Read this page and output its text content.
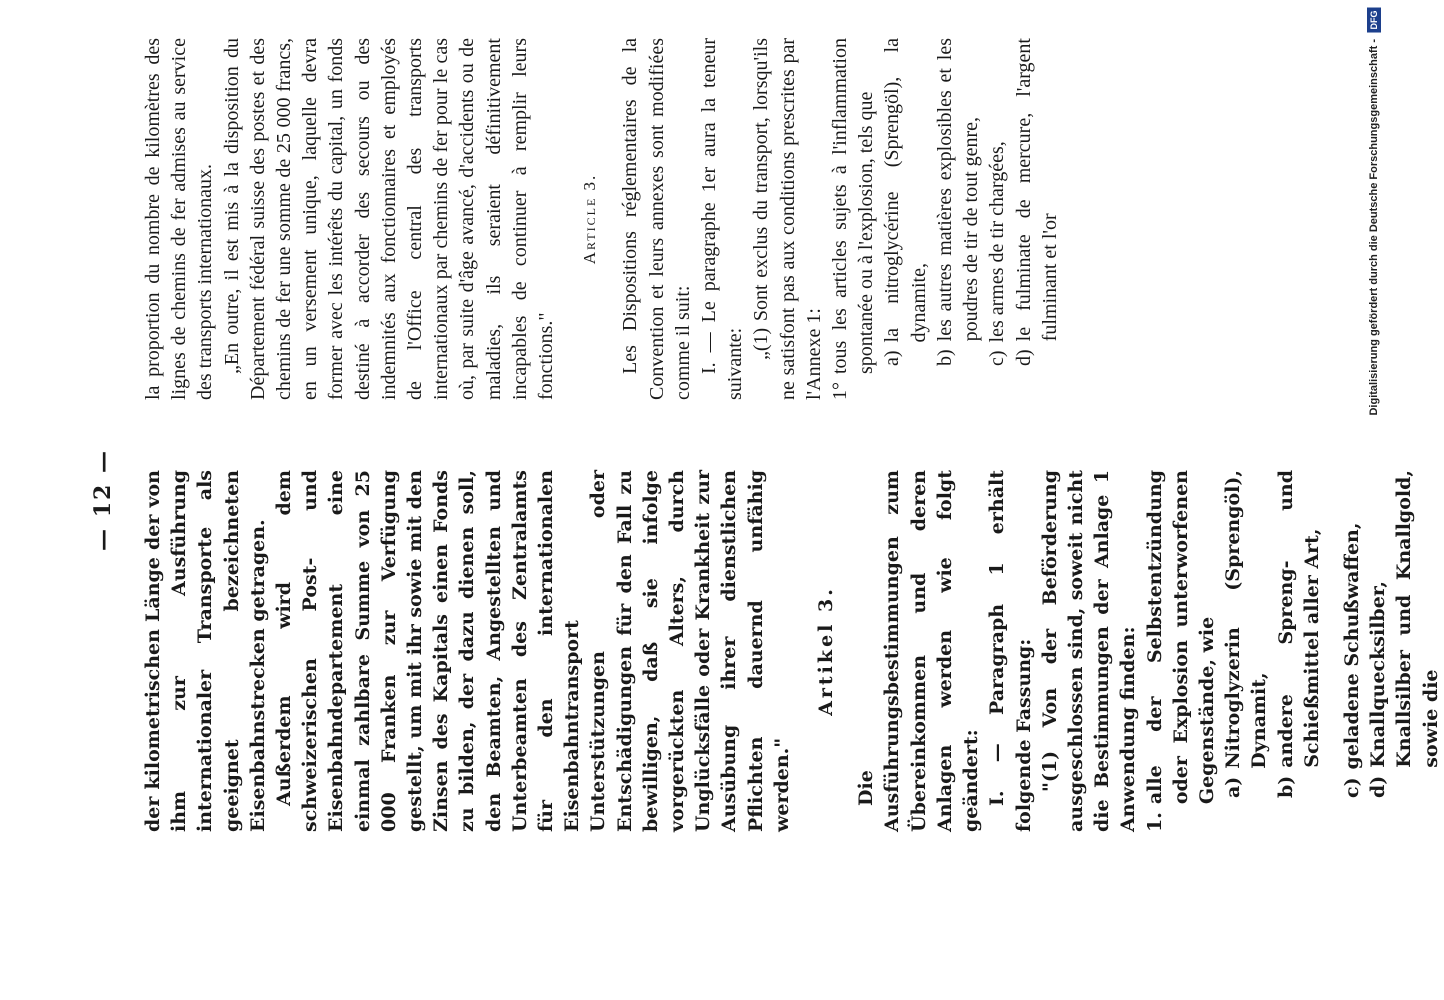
— 12 — der kilometrischen Länge der von ihm zur Ausführung internationaler Transporte als geeignet bezeichneten Eisenbahnstrecken getragen. Außerdem wird dem schweizerischen Post- und Eisenbahndepartement eine einmal zahlbare Summe von 25 000 Franken zur Verfügung gestellt, um mit ihr sowie mit den Zinsen des Kapitals einen Fonds zu bilden, der dazu dienen soll, den Beamten, Angestellten und Unterbeamten des Zentralamts für den internationalen Eisenbahntransport Unterstützungen oder Entschädigungen für den Fall zu bewilligen, daß sie infolge vorgerückten Alters, durch Unglücksfälle oder Krankheit zur Ausübung ihrer dienstlichen Pflichten dauernd unfähig werden."

Artikel 3.

Die Ausführungsbestimmungen zum Übereinkommen und deren Anlagen werden wie folgt geändert: I. — Paragraph 1 erhält folgende Fassung: "(1) Von der Beförderung ausgeschlossen sind, soweit nicht die Bestimmungen der Anlage 1 Anwendung finden: 1.
alle der Selbstentzündung oder Explosion unterworfenen Gegenstände, wie a)
Nitroglyzerin (Sprengöl), Dynamit,
b)
andere Spreng- und Schießmittel aller Art,
c)
geladene Schußwaffen,
d)
Knallquecksilber, Knallsilber und Knallgold, sowie die

la proportion du nombre de kilomètres des lignes de chemins de fer admises au service des transports internationaux. „En outre, il est mis à la disposition du Département fédéral suisse des postes et des chemins de fer une somme de 25 000 francs, en un versement unique, laquelle devra former avec les intérêts du capital, un fonds destiné à accorder des secours ou des indemnités aux fonctionnaires et employés de l'Office central des transports internationaux par chemins de fer pour le cas où, par suite d'âge avancé, d'accidents ou de maladies, ils seraient définitivement incapables de continuer à remplir leurs fonctions."

Article 3. Les Dispositions réglementaires de la Convention et leurs annexes sont modifiées comme il suit: I. — Le paragraphe 1er aura la teneur suivante:

„(1) Sont exclus du transport, lorsqu'ils ne satisfont pas aux conditions prescrites par l'Annexe 1: 1°
tous les articles sujets à l'inflammation spontanée ou à l'explosion, tels que a)
la nitroglycérine (Sprengöl), la dynamite,
b)
les autres matières explosibles et les poudres de tir de tout genre,
c)
les armes de tir chargées,
d)
le fulminate de mercure, l'argent fulminant et l'or	Digitalisierung gefördert durch die Deutsche Forschungsgemeinschaft -
DFG
